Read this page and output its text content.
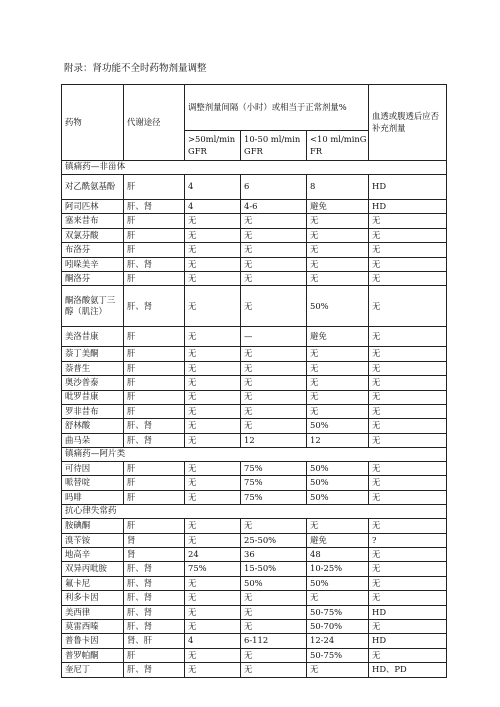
附录：肾功能不全时药物剂量调整
药物	代谢途径	调整剂量间隔（小时）或相当于正常剂量%			血透或腹透后应否补充剂量
		>50ml/min GFR	10-50 ml/minGFR	<10 ml/minGFR	
镇痛药—非甾体					
对乙酰氨基酚	肝	4	6	8	HD
阿司匹林	肝、肾	4	4-6	避免	HD
塞来昔布	肝	无	无	无	无
双氯芬酸	肝	无	无	无	无
布洛芬	肝	无	无	无	无
吲哚美辛	肝、肾	无	无	无	无
酮洛芬	肝	无	无	无	无
酮洛酸氨丁三醇（肌注）	肝、肾	无	无	50%	无
美洛昔康	肝	无	—	避免	无
萘丁美酮	肝	无	无	无	无
萘普生	肝	无	无	无	无
奥沙普泰	肝	无	无	无	无
吡罗昔康	肝	无	无	无	无
罗非昔布	肝	无	无	无	无
舒林酸	肝、肾	无	无	50%	无
曲马朵	肝、肾	无	12	12	无
镇痛药—阿片类					
可待因	肝	无	75%	50%	无
哌替啶	肝	无	75%	50%	无
吗啡	肝	无	75%	50%	无
抗心律失常药					
胺碘酮	肝	无	无	无	无
溴苄铵	肾	无	25-50%	避免	?
地高辛	肾	24	36	48	无
双异丙吡胺	肝、肾	75%	15-50%	10-25%	无
氟卡尼	肝、肾	无	50%	50%	无
利多卡因	肝、肾	无	无	无	无
美西律	肝、肾	无	无	50-75%	HD
莫雷西嗪	肝、肾	无	无	50-70%	无
普鲁卡因	肾、肝	4	6-112	12-24	HD
普罗帕酮	肝	无	无	50-75%	无
奎尼丁	肝、肾	无	无	无	HD、PD
